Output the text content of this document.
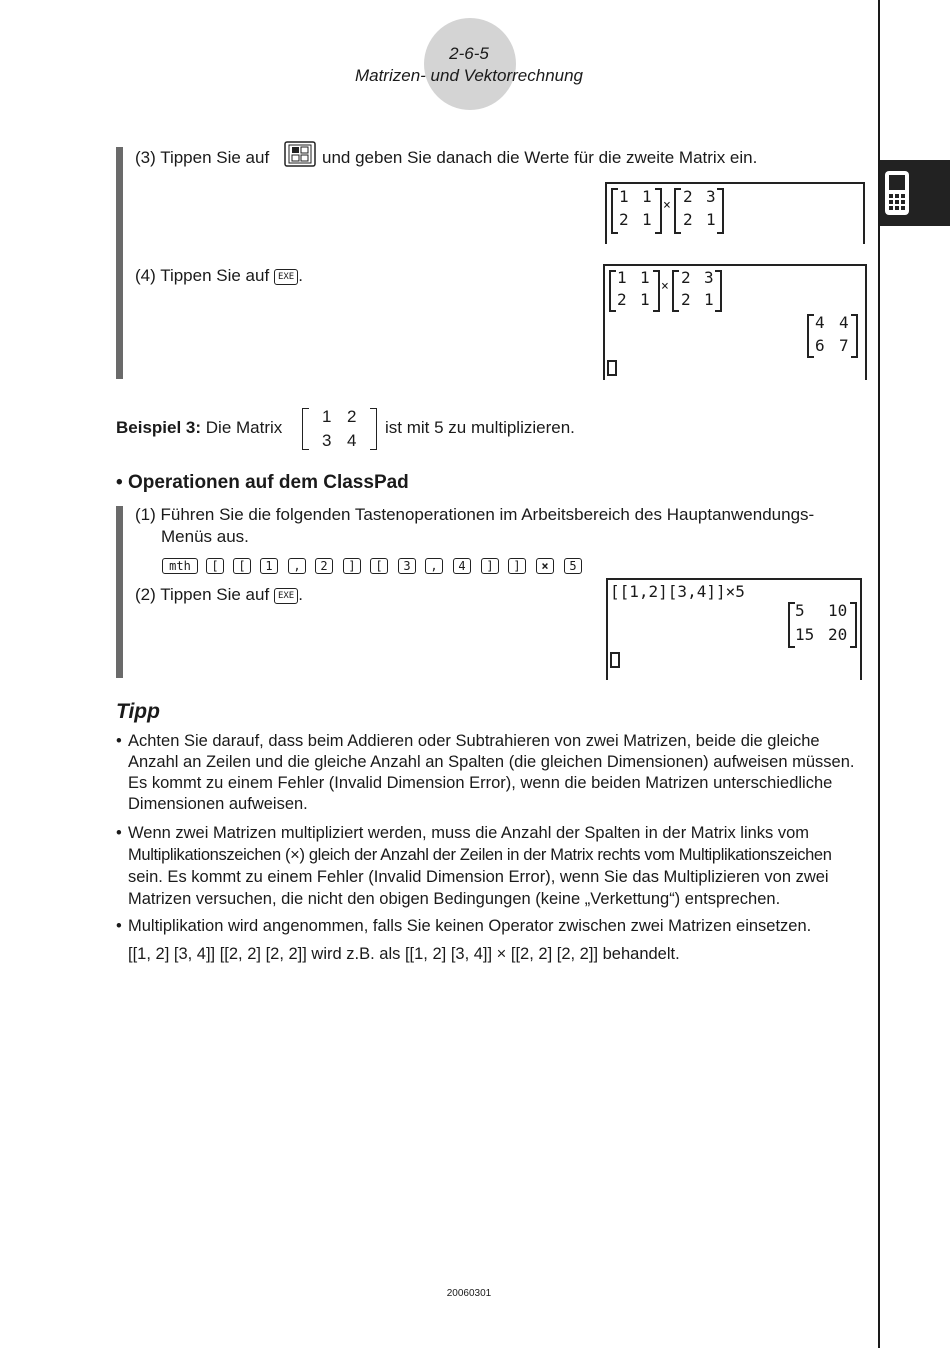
2-6-5
Matrizen- und Vektorrechnung
(3) Tippen Sie auf	und geben Sie danach die Werte für die zweite Matrix ein.
1 1
2 1
× 2 3
2 1
(4) Tippen Sie auf EXE .	1 1
2 1
× 2 3
2 1
4 4
6 7
Beispiel 3: Die Matrix
1 2
3 4
ist mit 5 zu multiplizieren.
• Operationen auf dem ClassPad
(1) Führen Sie die folgenden Tastenoperationen im Arbeitsbereich des Hauptanwendungs-
Menüs aus.
mth	[	[	1	,	2	]	[	3	,	4	]	]	×	5
(2) Tippen Sie auf EXE .	[[1,2][3,4]]×5
5 10
15 20
Tipp
• Achten Sie darauf, dass beim Addieren oder Subtrahieren von zwei Matrizen, beide die gleiche
Anzahl an Zeilen und die gleiche Anzahl an Spalten (die gleichen Dimensionen) aufweisen müssen.
Es kommt zu einem Fehler (Invalid Dimension Error), wenn die beiden Matrizen unterschiedliche
Dimensionen aufweisen.
• Wenn zwei Matrizen multipliziert werden, muss die Anzahl der Spalten in der Matrix links vom
Multiplikationszeichen (×) gleich der Anzahl der Zeilen in der Matrix rechts vom Multiplikationszeichen
sein. Es kommt zu einem Fehler (Invalid Dimension Error), wenn Sie das Multiplizieren von zwei
Matrizen versuchen, die nicht den obigen Bedingungen (keine „Verkettung“) entsprechen.
• Multiplikation wird angenommen, falls Sie keinen Operator zwischen zwei Matrizen einsetzen.
[[1, 2] [3, 4]] [[2, 2] [2, 2]] wird z.B. als [[1, 2] [3, 4]] × [[2, 2] [2, 2]] behandelt.
20060301
